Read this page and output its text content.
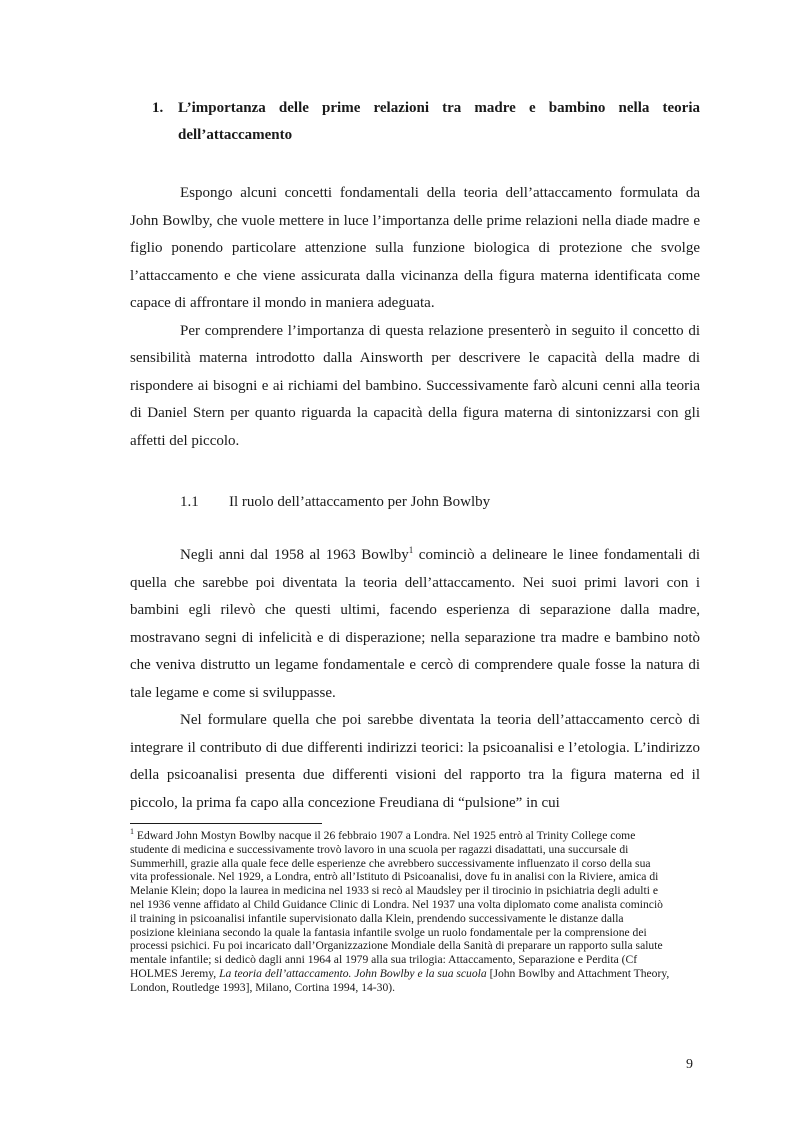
1. L’importanza delle prime relazioni tra madre e bambino nella teoria dell’attaccamento

Espongo alcuni concetti fondamentali della teoria dell’attaccamento formulata da John Bowlby, che vuole mettere in luce l’importanza delle prime relazioni nella diade madre e figlio ponendo particolare attenzione sulla funzione biologica di protezione che svolge l’attaccamento e che viene assicurata dalla vicinanza della figura materna identificata come capace di affrontare il mondo in maniera adeguata.

Per comprendere l’importanza di questa relazione presenterò in seguito il concetto di sensibilità materna introdotto dalla Ainsworth per descrivere le capacità della madre di rispondere ai bisogni e ai richiami del bambino. Successivamente farò alcuni cenni alla teoria di Daniel Stern per quanto riguarda la capacità della figura materna di sintonizzarsi con gli affetti del piccolo.

1.1 Il ruolo dell’attaccamento per John Bowlby

Negli anni dal 1958 al 1963 Bowlby$^1$ cominciò a delineare le linee fondamentali di quella che sarebbe poi diventata la teoria dell’attaccamento. Nei suoi primi lavori con i bambini egli rilevò che questi ultimi, facendo esperienza di separazione dalla madre, mostravano segni di infelicità e di disperazione; nella separazione tra madre e bambino notò che veniva distrutto un legame fondamentale e cercò di comprendere quale fosse la natura di tale legame e come si sviluppasse.

Nel formulare quella che poi sarebbe diventata la teoria dell’attaccamento cercò di integrare il contributo di due differenti indirizzi teorici: la psicoanalisi e l’etologia. L’indirizzo della psicoanalisi presenta due differenti visioni del rapporto tra la figura materna ed il piccolo, la prima fa capo alla concezione Freudiana di “pulsione” in cui

$^1$ Edward John Mostyn Bowlby nacque il 26 febbraio 1907 a Londra. Nel 1925 entrò al Trinity College come studente di medicina e successivamente trovò lavoro in una scuola per ragazzi disadattati, una succursale di Summerhill, grazie alla quale fece delle esperienze che avrebbero successivamente influenzato il corso della sua vita professionale. Nel 1929, a Londra, entrò all’Istituto di Psicoanalisi, dove fu in analisi con la Riviere, amica di Melanie Klein; dopo la laurea in medicina nel 1933 si recò al Maudsley per il tirocinio in psichiatria degli adulti e nel 1936 venne affidato al Child Guidance Clinic di Londra. Nel 1937 una volta diplomato come analista cominciò il training in psicoanalisi infantile supervisionato dalla Klein, prendendo successivamente le distanze dalla posizione kleiniana secondo la quale la fantasia infantile svolge un ruolo fondamentale per la comprensione dei processi psichici. Fu poi incaricato dall’Organizzazione Mondiale della Sanità di preparare un rapporto sulla salute mentale infantile; si dedicò dagli anni 1964 al 1979 alla sua trilogia: Attaccamento, Separazione e Perdita (Cf HOLMES Jeremy, La teoria dell’attaccamento. John Bowlby e la sua scuola [John Bowlby and Attachment Theory, London, Routledge 1993], Milano, Cortina 1994, 14-30).
9
